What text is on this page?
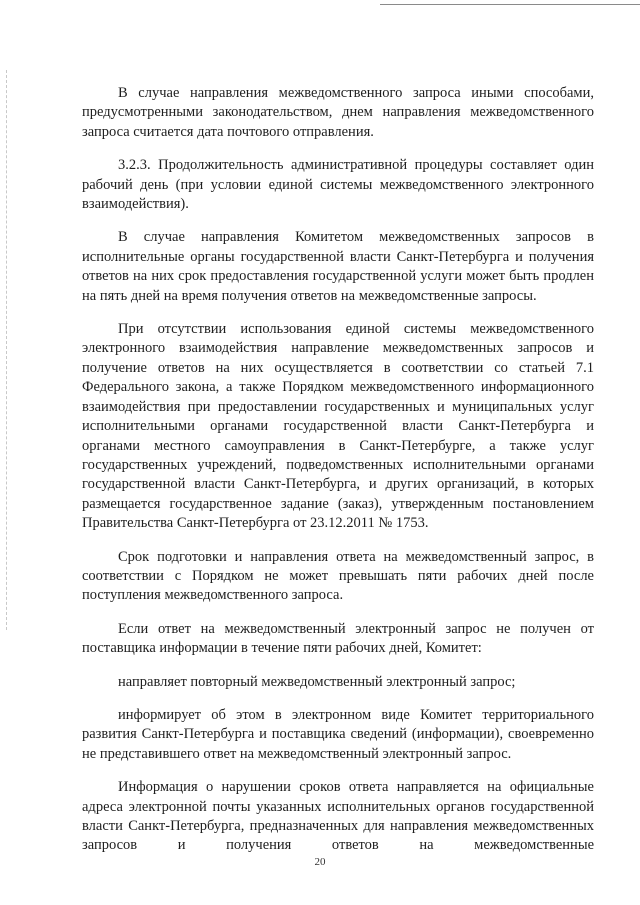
В случае направления межведомственного запроса иными способами, предусмотренными законодательством, днем направления межведомственного запроса считается дата почтового отправления.

3.2.3. Продолжительность административной процедуры составляет один рабочий день (при условии единой системы межведомственного электронного взаимодействия).

В случае направления Комитетом межведомственных запросов в исполнительные органы государственной власти Санкт-Петербурга и получения ответов на них срок предоставления государственной услуги может быть продлен на пять дней на время получения ответов на межведомственные запросы.

При отсутствии использования единой системы межведомственного электронного взаимодействия направление межведомственных запросов и получение ответов на них осуществляется в соответствии со статьей 7.1 Федерального закона, а также Порядком межведомственного информационного взаимодействия при предоставлении государственных и муниципальных услуг исполнительными органами государственной власти Санкт-Петербурга и органами местного самоуправления в Санкт-Петербурге, а также услуг государственных учреждений, подведомственных исполнительными органами государственной власти Санкт-Петербурга, и других организаций, в которых размещается государственное задание (заказ), утвержденным постановлением Правительства Санкт-Петербурга от 23.12.2011 № 1753.

Срок подготовки и направления ответа на межведомственный запрос, в соответствии с Порядком не может превышать пяти рабочих дней после поступления межведомственного запроса.

Если ответ на межведомственный электронный запрос не получен от поставщика информации в течение пяти рабочих дней, Комитет:

направляет повторный межведомственный электронный запрос;

информирует об этом в электронном виде Комитет территориального развития Санкт-Петербурга и поставщика сведений (информации), своевременно не представившего ответ на межведомственный электронный запрос.

Информация о нарушении сроков ответа направляется на официальные адреса электронной почты указанных исполнительных органов государственной власти Санкт-Петербурга, предназначенных для направления межведомственных запросов и получения ответов на межведомственные

20
